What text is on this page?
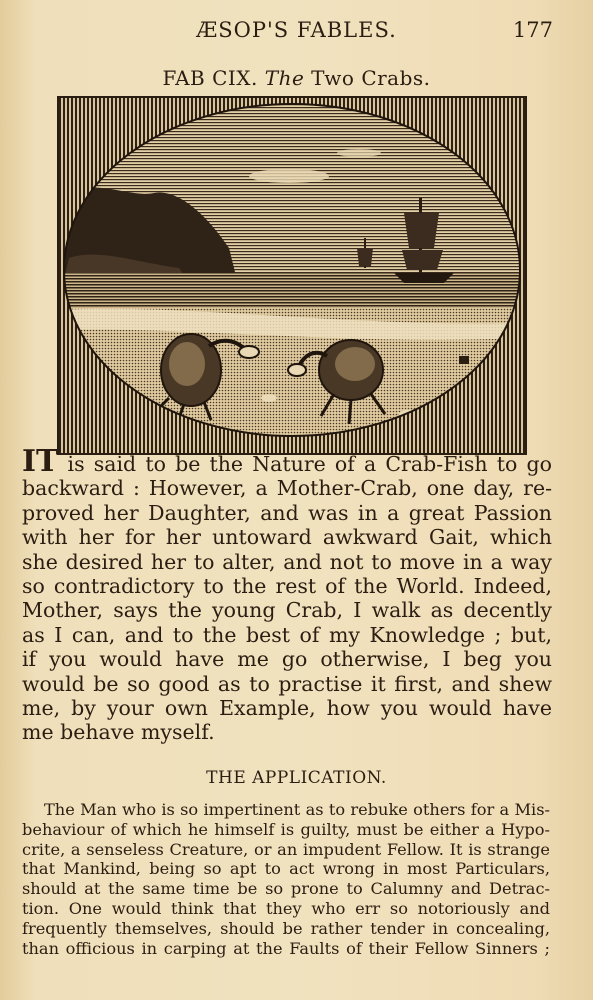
ÆSOP'S FABLES.	177
FAB CIX. The Two Crabs.
IT is said to be the Nature of a Crab-Fish to go
backward : However, a Mother-Crab, one day, re-
proved her Daughter, and was in a great Passion
with her for her untoward awkward Gait, which
she desired her to alter, and not to move in a way
so contradictory to the rest of the World. Indeed,
Mother, says the young Crab, I walk as decently
as I can, and to the best of my Knowledge ; but,
if you would have me go otherwise, I beg you
would be so good as to practise it first, and shew
me, by your own Example, how you would have
me behave myself.
THE APPLICATION.
The Man who is so impertinent as to rebuke others for a Mis-
behaviour of which he himself is guilty, must be either a Hypo-
crite, a senseless Creature, or an impudent Fellow. It is strange
that Mankind, being so apt to act wrong in most Particulars,
should at the same time be so prone to Calumny and Detrac-
tion. One would think that they who err so notoriously and
frequently themselves, should be rather tender in concealing,
than officious in carping at the Faults of their Fellow Sinners ;
